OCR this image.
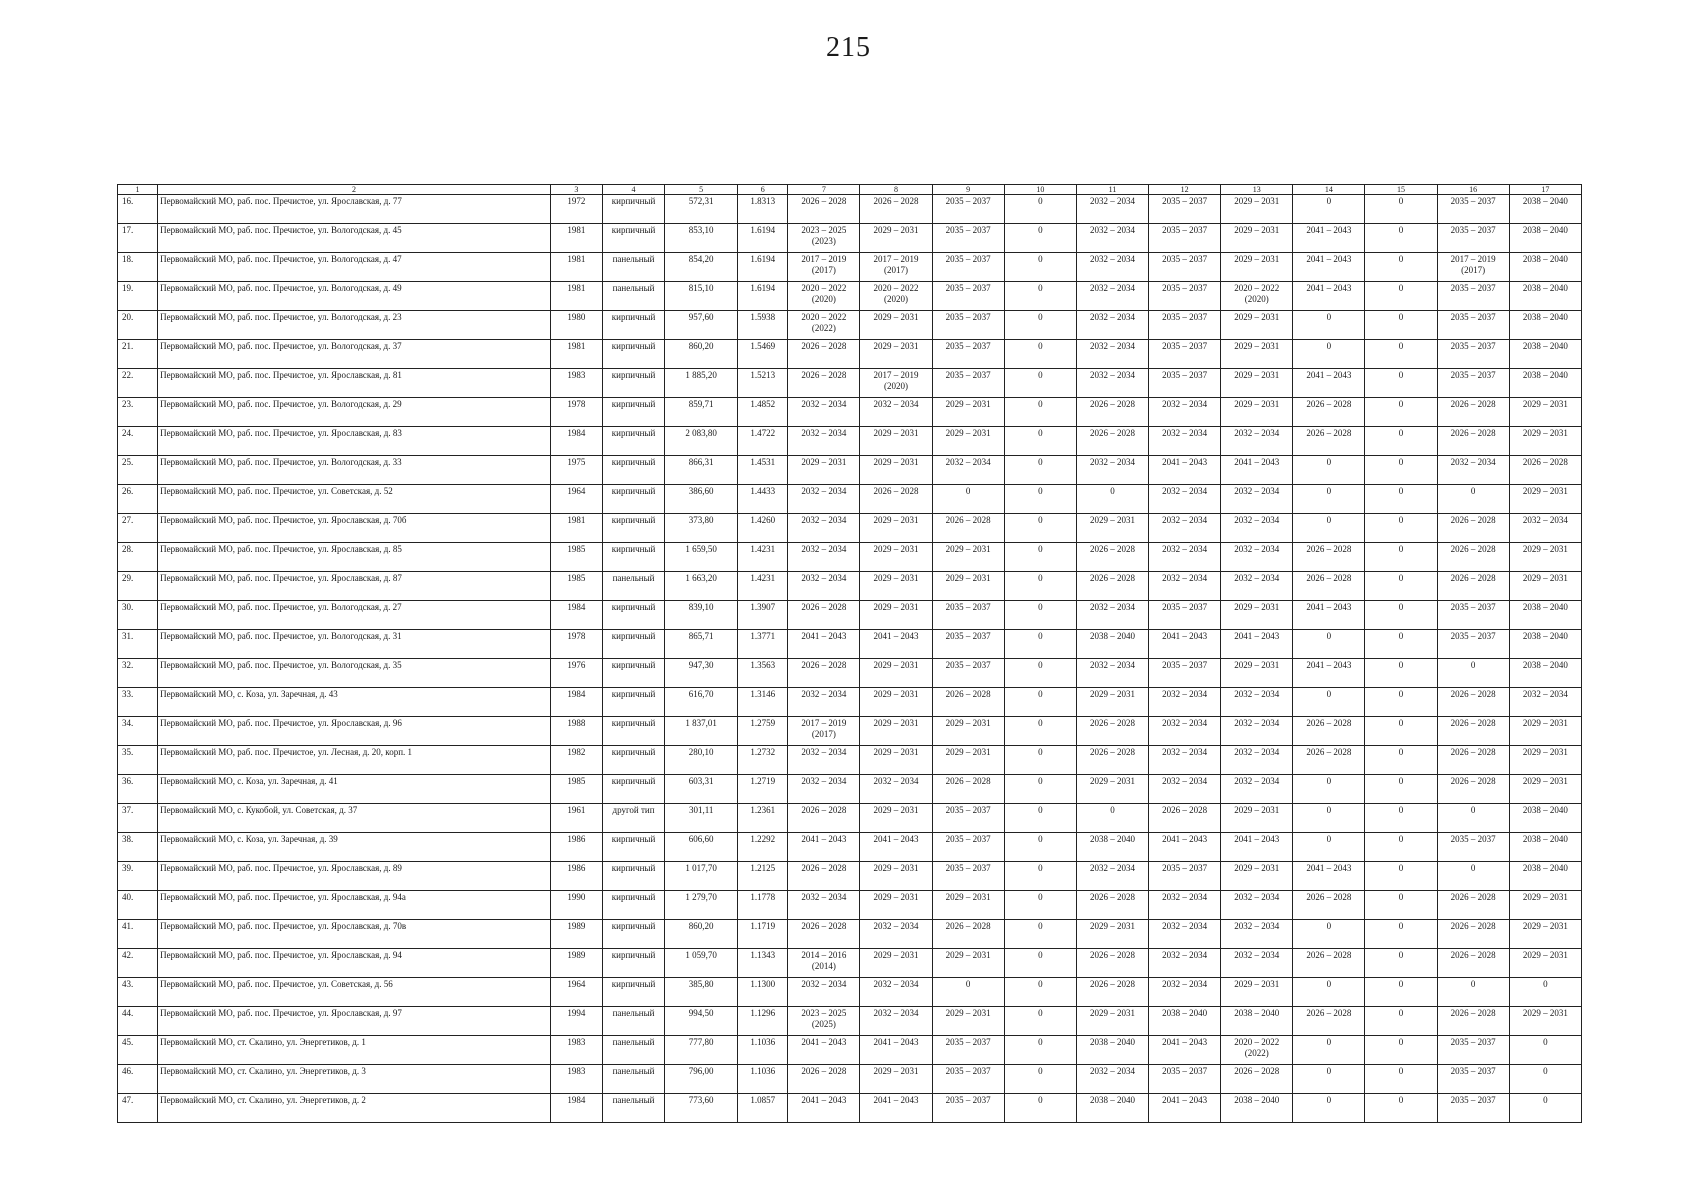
215
1	2	3	4	5	6	7	8	9	10	11	12	13	14	15	16	17

16.	Первомайский МО, раб. пос. Пречистое, ул. Ярославская, д. 77	1972	кирпичный	572,31	1.8313	2026 – 2028	2026 – 2028	2035 – 2037	0	2032 – 2034	2035 – 2037	2029 – 2031	0	0	2035 – 2037	2038 – 2040

17.	Первомайский МО, раб. пос. Пречистое, ул. Вологодская, д. 45	1981	кирпичный	853,10	1.6194	2023 – 2025
(2023)	2029 – 2031	2035 – 2037	0	2032 – 2034	2035 – 2037	2029 – 2031	2041 – 2043	0	2035 – 2037	2038 – 2040

18.	Первомайский МО, раб. пос. Пречистое, ул. Вологодская, д. 47	1981	панельный	854,20	1.6194	2017 – 2019
(2017)	2017 – 2019
(2017)	2035 – 2037	0	2032 – 2034	2035 – 2037	2029 – 2031	2041 – 2043	0	2017 – 2019
(2017)	2038 – 2040

19.	Первомайский МО, раб. пос. Пречистое, ул. Вологодская, д. 49	1981	панельный	815,10	1.6194	2020 – 2022
(2020)	2020 – 2022
(2020)	2035 – 2037	0	2032 – 2034	2035 – 2037	2020 – 2022
(2020)	2041 – 2043	0	2035 – 2037	2038 – 2040

20.	Первомайский МО, раб. пос. Пречистое, ул. Вологодская, д. 23	1980	кирпичный	957,60	1.5938	2020 – 2022
(2022)	2029 – 2031	2035 – 2037	0	2032 – 2034	2035 – 2037	2029 – 2031	0	0	2035 – 2037	2038 – 2040

21.	Первомайский МО, раб. пос. Пречистое, ул. Вологодская, д. 37	1981	кирпичный	860,20	1.5469	2026 – 2028	2029 – 2031	2035 – 2037	0	2032 – 2034	2035 – 2037	2029 – 2031	0	0	2035 – 2037	2038 – 2040

22.	Первомайский МО, раб. пос. Пречистое, ул. Ярославская, д. 81	1983	кирпичный	1 885,20	1.5213	2026 – 2028	2017 – 2019
(2020)	2035 – 2037	0	2032 – 2034	2035 – 2037	2029 – 2031	2041 – 2043	0	2035 – 2037	2038 – 2040

23.	Первомайский МО, раб. пос. Пречистое, ул. Вологодская, д. 29	1978	кирпичный	859,71	1.4852	2032 – 2034	2032 – 2034	2029 – 2031	0	2026 – 2028	2032 – 2034	2029 – 2031	2026 – 2028	0	2026 – 2028	2029 – 2031

24.	Первомайский МО, раб. пос. Пречистое, ул. Ярославская, д. 83	1984	кирпичный	2 083,80	1.4722	2032 – 2034	2029 – 2031	2029 – 2031	0	2026 – 2028	2032 – 2034	2032 – 2034	2026 – 2028	0	2026 – 2028	2029 – 2031

25.	Первомайский МО, раб. пос. Пречистое, ул. Вологодская, д. 33	1975	кирпичный	866,31	1.4531	2029 – 2031	2029 – 2031	2032 – 2034	0	2032 – 2034	2041 – 2043	2041 – 2043	0	0	2032 – 2034	2026 – 2028

26.	Первомайский МО, раб. пос. Пречистое, ул. Советская, д. 52	1964	кирпичный	386,60	1.4433	2032 – 2034	2026 – 2028	0	0	0	2032 – 2034	2032 – 2034	0	0	0	2029 – 2031

27.	Первомайский МО, раб. пос. Пречистое, ул. Ярославская, д. 70б	1981	кирпичный	373,80	1.4260	2032 – 2034	2029 – 2031	2026 – 2028	0	2029 – 2031	2032 – 2034	2032 – 2034	0	0	2026 – 2028	2032 – 2034

28.	Первомайский МО, раб. пос. Пречистое, ул. Ярославская, д. 85	1985	кирпичный	1 659,50	1.4231	2032 – 2034	2029 – 2031	2029 – 2031	0	2026 – 2028	2032 – 2034	2032 – 2034	2026 – 2028	0	2026 – 2028	2029 – 2031

29.	Первомайский МО, раб. пос. Пречистое, ул. Ярославская, д. 87	1985	панельный	1 663,20	1.4231	2032 – 2034	2029 – 2031	2029 – 2031	0	2026 – 2028	2032 – 2034	2032 – 2034	2026 – 2028	0	2026 – 2028	2029 – 2031

30.	Первомайский МО, раб. пос. Пречистое, ул. Вологодская, д. 27	1984	кирпичный	839,10	1.3907	2026 – 2028	2029 – 2031	2035 – 2037	0	2032 – 2034	2035 – 2037	2029 – 2031	2041 – 2043	0	2035 – 2037	2038 – 2040

31.	Первомайский МО, раб. пос. Пречистое, ул. Вологодская, д. 31	1978	кирпичный	865,71	1.3771	2041 – 2043	2041 – 2043	2035 – 2037	0	2038 – 2040	2041 – 2043	2041 – 2043	0	0	2035 – 2037	2038 – 2040

32.	Первомайский МО, раб. пос. Пречистое, ул. Вологодская, д. 35	1976	кирпичный	947,30	1.3563	2026 – 2028	2029 – 2031	2035 – 2037	0	2032 – 2034	2035 – 2037	2029 – 2031	2041 – 2043	0	0	2038 – 2040

33.	Первомайский МО, с. Коза, ул. Заречная, д. 43	1984	кирпичный	616,70	1.3146	2032 – 2034	2029 – 2031	2026 – 2028	0	2029 – 2031	2032 – 2034	2032 – 2034	0	0	2026 – 2028	2032 – 2034

34.	Первомайский МО, раб. пос. Пречистое, ул. Ярославская, д. 96	1988	кирпичный	1 837,01	1.2759	2017 – 2019
(2017)	2029 – 2031	2029 – 2031	0	2026 – 2028	2032 – 2034	2032 – 2034	2026 – 2028	0	2026 – 2028	2029 – 2031

35.	Первомайский МО, раб. пос. Пречистое, ул. Лесная, д. 20, корп. 1	1982	кирпичный	280,10	1.2732	2032 – 2034	2029 – 2031	2029 – 2031	0	2026 – 2028	2032 – 2034	2032 – 2034	2026 – 2028	0	2026 – 2028	2029 – 2031

36.	Первомайский МО, с. Коза, ул. Заречная, д. 41	1985	кирпичный	603,31	1.2719	2032 – 2034	2032 – 2034	2026 – 2028	0	2029 – 2031	2032 – 2034	2032 – 2034	0	0	2026 – 2028	2029 – 2031

37.	Первомайский МО, с. Кукобой, ул. Советская, д. 37	1961	другой тип	301,11	1.2361	2026 – 2028	2029 – 2031	2035 – 2037	0	0	2026 – 2028	2029 – 2031	0	0	0	2038 – 2040

38.	Первомайский МО, с. Коза, ул. Заречная, д. 39	1986	кирпичный	606,60	1.2292	2041 – 2043	2041 – 2043	2035 – 2037	0	2038 – 2040	2041 – 2043	2041 – 2043	0	0	2035 – 2037	2038 – 2040

39.	Первомайский МО, раб. пос. Пречистое, ул. Ярославская, д. 89	1986	кирпичный	1 017,70	1.2125	2026 – 2028	2029 – 2031	2035 – 2037	0	2032 – 2034	2035 – 2037	2029 – 2031	2041 – 2043	0	0	2038 – 2040

40.	Первомайский МО, раб. пос. Пречистое, ул. Ярославская, д. 94а	1990	кирпичный	1 279,70	1.1778	2032 – 2034	2029 – 2031	2029 – 2031	0	2026 – 2028	2032 – 2034	2032 – 2034	2026 – 2028	0	2026 – 2028	2029 – 2031

41.	Первомайский МО, раб. пос. Пречистое, ул. Ярославская, д. 70в	1989	кирпичный	860,20	1.1719	2026 – 2028	2032 – 2034	2026 – 2028	0	2029 – 2031	2032 – 2034	2032 – 2034	0	0	2026 – 2028	2029 – 2031

42.	Первомайский МО, раб. пос. Пречистое, ул. Ярославская, д. 94	1989	кирпичный	1 059,70	1.1343	2014 – 2016
(2014)	2029 – 2031	2029 – 2031	0	2026 – 2028	2032 – 2034	2032 – 2034	2026 – 2028	0	2026 – 2028	2029 – 2031

43.	Первомайский МО, раб. пос. Пречистое, ул. Советская, д. 56	1964	кирпичный	385,80	1.1300	2032 – 2034	2032 – 2034	0	0	2026 – 2028	2032 – 2034	2029 – 2031	0	0	0	0

44.	Первомайский МО, раб. пос. Пречистое, ул. Ярославская, д. 97	1994	панельный	994,50	1.1296	2023 – 2025
(2025)	2032 – 2034	2029 – 2031	0	2029 – 2031	2038 – 2040	2038 – 2040	2026 – 2028	0	2026 – 2028	2029 – 2031

45.	Первомайский МО, ст. Скалино, ул. Энергетиков, д. 1	1983	панельный	777,80	1.1036	2041 – 2043	2041 – 2043	2035 – 2037	0	2038 – 2040	2041 – 2043	2020 – 2022
(2022)	0	0	2035 – 2037	0

46.	Первомайский МО, ст. Скалино, ул. Энергетиков, д. 3	1983	панельный	796,00	1.1036	2026 – 2028	2029 – 2031	2035 – 2037	0	2032 – 2034	2035 – 2037	2026 – 2028	0	0	2035 – 2037	0

47.	Первомайский МО, ст. Скалино, ул. Энергетиков, д. 2	1984	панельный	773,60	1.0857	2041 – 2043	2041 – 2043	2035 – 2037	0	2038 – 2040	2041 – 2043	2038 – 2040	0	0	2035 – 2037	0
